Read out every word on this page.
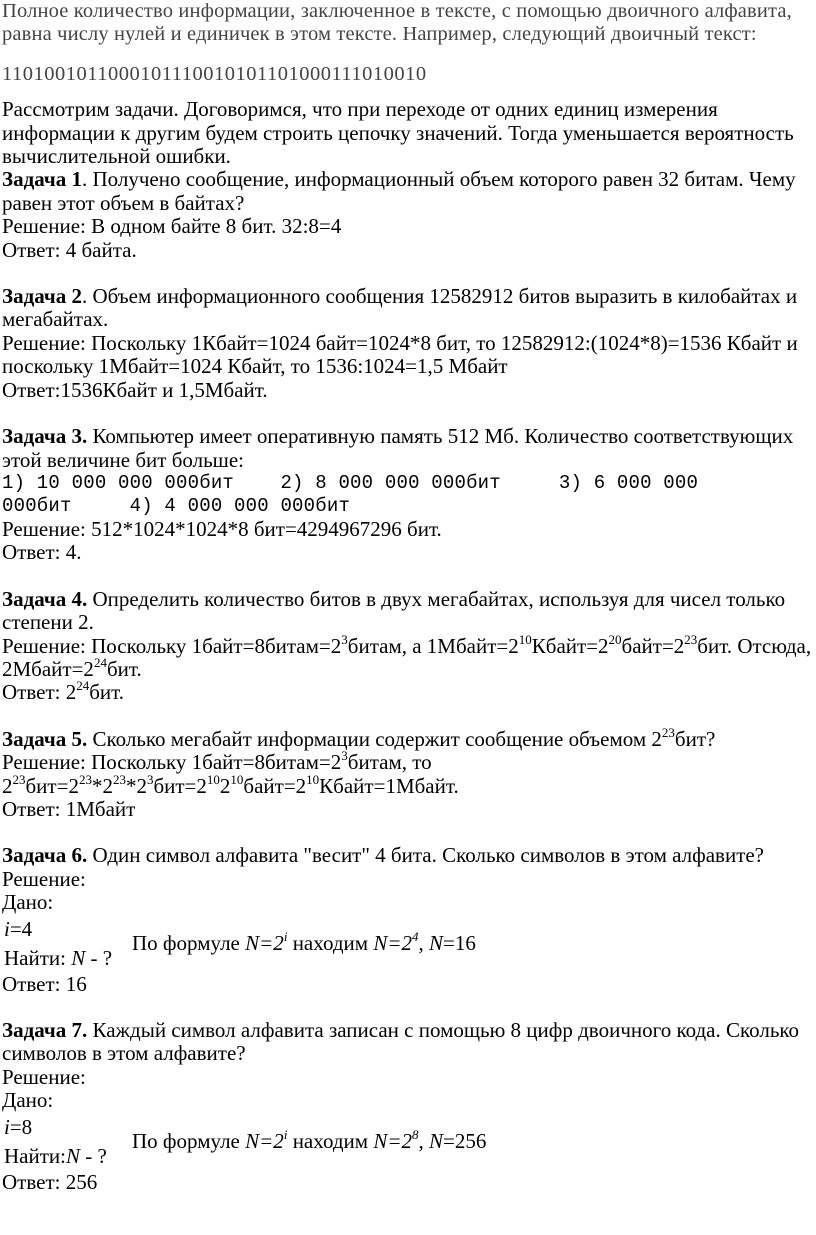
Полное количество информации, заключенное в тексте, с помощью двоичного алфавита,

равна числу нулей и единичек в этом тексте. Например, следующий двоичный текст:

1101001011000101110010101101000111010010

Рассмотрим задачи. Договоримся, что при переходе от одних единиц измерения

информации к другим будем строить цепочку значений. Тогда уменьшается вероятность

вычислительной ошибки.

Задача 1. Получено сообщение, информационный объем которого равен 32 битам. Чему

равен этот объем в байтах?

Решение: В одном байте 8 бит. 32:8=4

Ответ: 4 байта.

Задача 2. Объем информационного сообщения 12582912 битов выразить в килобайтах и

мегабайтах.

Решение: Поскольку 1Кбайт=1024 байт=1024*8 бит, то 12582912:(1024*8)=1536 Кбайт и

поскольку 1Мбайт=1024 Кбайт, то 1536:1024=1,5 Мбайт

Ответ:1536Кбайт и 1,5Мбайт.

Задача 3. Компьютер имеет оперативную память 512 Мб. Количество соответствующих

этой величине бит больше:

1) 10 000 000 000бит    2) 8 000 000 000бит     3) 6 000 000

000бит     4) 4 000 000 000бит

Решение: 512*1024*1024*8 бит=4294967296 бит.

Ответ: 4.

Задача 4. Определить количество битов в двух мегабайтах, используя для чисел только

степени 2.

Решение: Поскольку $1байт=8битам=2^3битам$, а $1Мбайт=2^{10}Кбайт=2^{20}байт=2^{23}бит$. Отсюда,

$2Мбайт=2^{24}бит$.

Ответ: $2^{24}бит$.

Задача 5. Сколько мегабайт информации содержит сообщение объемом $2^{23}бит$?

Решение: Поскольку $1байт=8битам=2^3битам$, то

$2^{23}бит=2^{23}*2^{23}*2^3бит=2^{10}2^{10}байт=2^{10}Кбайт=1Мбайт$.

Ответ: 1Мбайт

Задача 6. Один символ алфавита "весит" 4 бита. Сколько символов в этом алфавите?

Решение:

Дано:

i=4
Найти: N - ?
По формуле $N=2^i$ находим $N=2^4$, N=16

Ответ: 16

Задача 7. Каждый символ алфавита записан с помощью 8 цифр двоичного кода. Сколько

символов в этом алфавите?

Решение:

Дано:

i=8
Найти:N - ?
По формуле $N=2^i$ находим $N=2^8$, N=256

Ответ: 256
